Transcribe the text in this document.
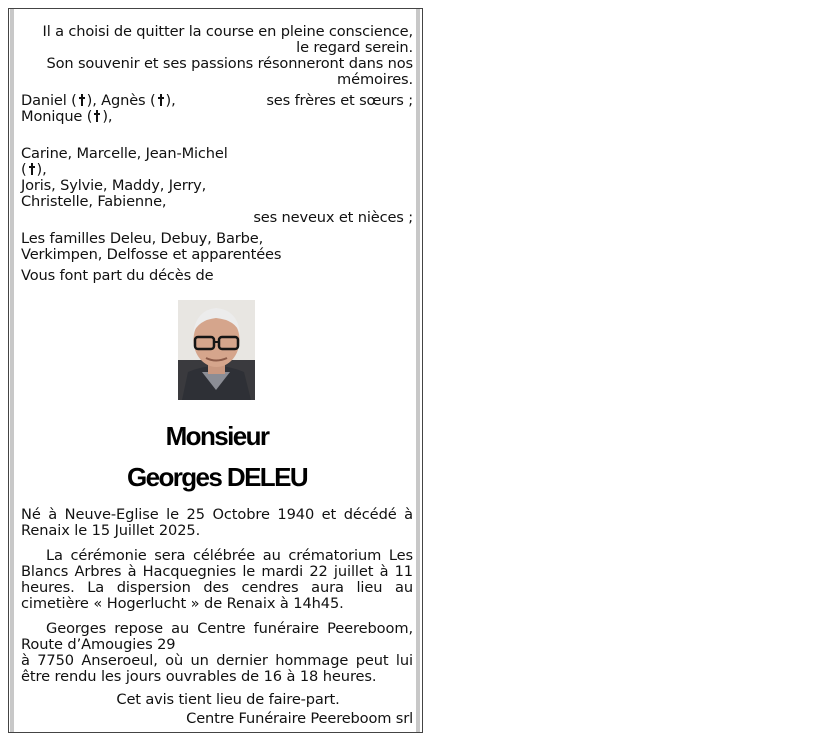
Il a choisi de quitter la course en pleine conscience,
le regard serein.
Son souvenir et ses passions résonneront dans nos
mémoires.
Daniel ( ), Agnès ( ),	ses frères et sœurs ;
Monique ( ),
Carine, Marcelle, Jean-Michel
( ),
Joris, Sylvie, Maddy, Jerry,
Christelle, Fabienne,
ses neveux et nièces ;
Les familles Deleu, Debuy, Barbe,
Verkimpen, Delfosse et apparentées
Vous font part du décès de
Monsieur
Georges DELEU
Né à Neuve-Eglise le 25 Octobre 1940 et décédé à
Renaix le 15 Juillet 2025.
La cérémonie sera célébrée au crématorium Les
Blancs Arbres à Hacquegnies le mardi 22 juillet à 11
heures. La dispersion des cendres aura lieu au
cimetière « Hogerlucht » de Renaix à 14h45.
Georges repose au Centre funéraire Peereboom,
Route d’Amougies 29
à 7750 Anseroeul, où un dernier hommage peut lui
être rendu les jours ouvrables de 16 à 18 heures.
Cet avis tient lieu de faire-part.
Centre Funéraire Peereboom srl
